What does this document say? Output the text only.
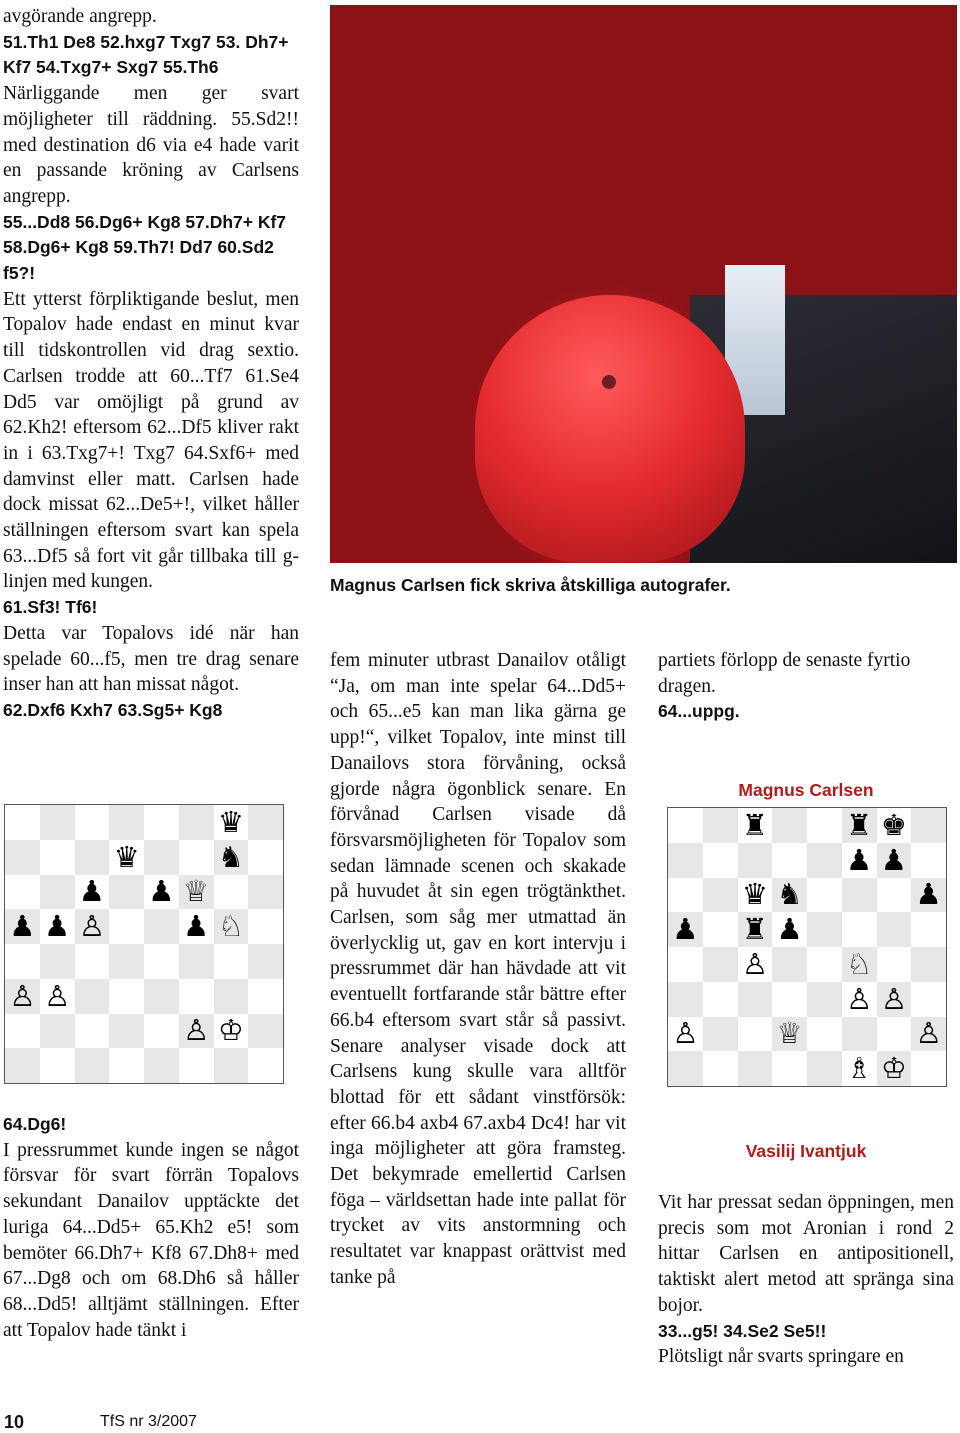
avgörande angrepp.

51.Th1 De8 52.hxg7 Txg7 53. Dh7+ Kf7 54.Txg7+ Sxg7 55.Th6

Närliggande men ger svart möjligheter till räddning. 55.Sd2!! med destination d6 via e4 hade varit en passande kröning av Carlsens angrepp.

55...Dd8 56.Dg6+ Kg8 57.Dh7+ Kf7 58.Dg6+ Kg8 59.Th7! Dd7 60.Sd2 f5?!

Ett ytterst förpliktigande beslut, men Topalov hade endast en minut kvar till tidskontrollen vid drag sextio. Carlsen trodde att 60...Tf7 61.Se4 Dd5 var omöjligt på grund av 62.Kh2! eftersom 62...Df5 kliver rakt in i 63.Txg7+! Txg7 64.Sxf6+ med damvinst eller matt. Carlsen hade dock missat 62...De5+!, vilket håller ställningen eftersom svart kan spela 63...Df5 så fort vit går tillbaka till g-linjen med kungen.

61.Sf3! Tf6!

Detta var Topalovs idé när han spelade 60...f5, men tre drag senare inser han att han missat något.

62.Dxf6 Kxh7 63.Sg5+ Kg8

♛
♛	♞
♟ ♟ ♕
♟ ♟ ♙	♟ ♘
♙ ♙
♙ ♔

64.Dg6!

I pressrummet kunde ingen se något försvar för svart förrän Topalovs sekundant Danailov upptäckte det luriga 64...Dd5+ 65.Kh2 e5! som bemöter 66.Dh7+ Kf8 67.Dh8+ med 67...Dg8 och om 68.Dh6 så håller 68...Dd5! alltjämt ställningen. Efter att Topalov hade tänkt i

Magnus Carlsen fick skriva åtskilliga autografer.

fem minuter utbrast Danailov otåligt “Ja, om man inte spelar 64...Dd5+ och 65...e5 kan man lika gärna ge upp!“, vilket Topalov, inte minst till Danailovs stora förvåning, också gjorde några ögonblick senare. En förvånad Carlsen visade då försvarsmöjligheten för Topalov som sedan lämnade scenen och skakade på huvudet åt sin egen trögtänkthet. Carlsen, som såg mer utmattad än överlycklig ut, gav en kort intervju i pressrummet där han hävdade att vit eventuellt fortfarande står bättre efter 66.b4 eftersom svart står så passivt. Senare analyser visade dock att Carlsens kung skulle vara alltför blottad för ett sådant vinstförsök: efter 66.b4 axb4 67.axb4 Dc4! har vit inga möjligheter att göra framsteg. Det bekymrade emellertid Carlsen föga – världsettan hade inte pallat för trycket av vits anstormning och resultatet var knappast orättvist med tanke på

partiets förlopp de senaste fyrtio dragen.

64...uppg.

Magnus Carlsen
♜	♜ ♚
♟ ♟
♛ ♞	♟
♟ ♜ ♟
♙	♘
♙ ♙
♙	♕	♙
♗ ♔
Vasilij Ivantjuk

Vit har pressat sedan öppningen, men precis som mot Aronian i rond 2 hittar Carlsen en antipositionell, taktiskt alert metod att spränga sina bojor.

33...g5! 34.Se2 Se5!!

Plötsligt når svarts springare en

10	TfS nr 3/2007
